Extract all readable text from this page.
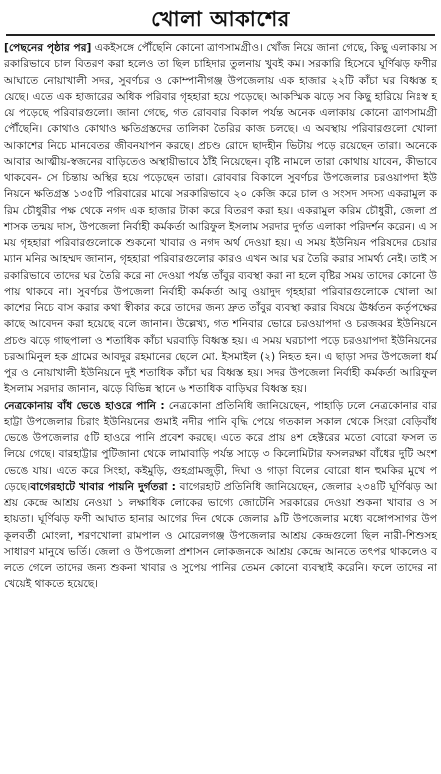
খোলা আকাশের

[পেছনের পৃষ্ঠার পর] একইসঙ্গে পৌঁছেনি কোনো ত্রাণসামগ্রীও। খোঁজ নিয়ে জানা গেছে, কিছু এলাকায় সরকারিভাবে চাল বিতরণ করা হলেও তা ছিল চাহিদার তুলনায় খুবই কম। সরকারি হিসেবে ঘূর্ণিঝড় ফণীর আঘাতে নোয়াখালী সদর, সুবর্ণচর ও কোম্পানীগঞ্জ উপজেলায় এক হাজার ২২টি কাঁচা ঘর বিধ্বস্ত হয়েছে। এতে এক হাজারের অধিক পরিবার গৃহহারা হয়ে পড়েছে। আকস্মিক ঝড়ে সব কিছু হারিয়ে নিঃস্ব হয়ে পড়েছে পরিবারগুলো। জানা গেছে, গত রোববার বিকাল পর্যন্ত অনেক এলাকায় কোনো ত্রাণসামগ্রী পৌঁছেনি। কোথাও কোথাও ক্ষতিগ্রস্তদের তালিকা তৈরির কাজ চলছে। এ অবস্থায় পরিবারগুলো খোলা আকাশের নিচে মানবেতর জীবনযাপন করছে। প্রচণ্ড রোদে ছাদহীন ভিটায় পড়ে রয়েছেন তারা। অনেকে আবার আত্মীয়-স্বজনের বাড়িতেও অস্থায়ীভাবে ঠাঁই নিয়েছেন। বৃষ্টি নামলে তারা কোথায় যাবেন, কীভাবে থাকবেন- সে চিন্তায় অস্থির হয়ে পড়েছেন তারা। রোববার বিকালে সুবর্ণচর উপজেলার চরওয়াপদা ইউনিয়নে ক্ষতিগ্রস্ত ১৩৫টি পরিবারের মাঝে সরকারিভাবে ২০ কেজি করে চাল ও সংসদ সদস্য একরামুল করিম চৌধুরীর পক্ষ থেকে নগদ এক হাজার টাকা করে বিতরণ করা হয়। একরামুল করিম চৌধুরী, জেলা প্রশাসক তন্ময় দাস, উপজেলা নির্বাহী কর্মকর্তা আরিফুল ইসলাম সরদার দুর্গত এলাকা পরিদর্শন করেন। এ সময় গৃহহারা পরিবারগুলোকে শুকনো খাবার ও নগদ অর্থ দেওয়া হয়। এ সময় ইউনিয়ন পরিষদের চেয়ারম্যান মনির আহম্মদ জানান, গৃহহারা পরিবারগুলোর কারও এখন আর ঘর তৈরি করার সামর্থ্য নেই। তাই সরকারিভাবে তাদের ঘর তৈরি করে না দেওয়া পর্যন্ত তাঁবুর ব্যবস্থা করা না হলে বৃষ্টির সময় তাদের কোনো উপায় থাকবে না। সুবর্ণচর উপজেলা নির্বাহী কর্মকর্তা আবু ওয়াদুদ গৃহহারা পরিবারগুলোকে খোলা আকাশের নিচে বাস করার কথা স্বীকার করে তাদের জন্য দ্রুত তাঁবুর ব্যবস্থা করার বিষয়ে ঊর্ধ্বতন কর্তৃপক্ষের কাছে আবেদন করা হয়েছে বলে জানান। উল্লেখ্য, গত শনিবার ভোরে চরওয়াপদা ও চরজব্বর ইউনিয়নে প্রচণ্ড ঝড়ে গাছপালা ও শতাধিক কাঁচা ঘরবাড়ি বিধ্বস্ত হয়। এ সময় ঘরচাপা পড়ে চরওয়াপদা ইউনিয়নের চরআমিনুল হক গ্রামের আবদুর রহমানের ছেলে মো. ইসমাইল (২) নিহত হন। এ ছাড়া সদর উপজেলা ধর্মপুর ও নোয়াখালী ইউনিয়নে দুই শতাধিক কাঁচা ঘর বিধ্বস্ত হয়। সদর উপজেলা নির্বাহী কর্মকর্তা আরিফুল ইসলাম সরদার জানান, ঝড়ে বিভিন্ন স্থানে ৬ শতাধিক বাড়িঘর বিধ্বস্ত হয়।

নেত্রকোনায় বাঁধ ভেঙে হাওরে পানি : নেত্রকোনা প্রতিনিধি জানিয়েছেন, পাহাড়ি ঢলে নেত্রকোনার বারহাট্টা উপজেলার চিরাং ইউনিয়নের গুমাই নদীর পানি বৃদ্ধি পেয়ে গতকাল সকাল থেকে সিংরা বেড়িবাঁধ ভেঙে উপজেলার ৫টি হাওরে পানি প্রবেশ করছে। এতে করে প্রায় ৪শ হেক্টরের মতো বোরো ফসল তলিয়ে গেছে। বারহাট্টার পুটিজানা থেকে লামাবাড়ি পর্যন্ত সাড়ে ৩ কিলোমিটার ফসলরক্ষা বাঁধের দুটি অংশ ভেঙে যায়। এতে করে সিংহা, কইমুড়ি, গুহগ্রামজুড়ী, দিঘা ও গাড়া বিলের বোরো ধান হুমকির মুখে পড়েছে।বাগেরহাটে খাবার পায়নি দুর্গতরা : বাগেরহাট প্রতিনিধি জানিয়েছেন, জেলার ২৩৪টি ঘূর্ণিঝড় আশ্রয় কেন্দ্রে আশ্রয় নেওয়া ১ লক্ষাধিক লোকের ভাগ্যে জোটেনি সরকারের দেওয়া শুকনা খাবার ও সহায়তা। ঘূর্ণিঝড় ফণী আঘাত হানার আগের দিন থেকে জেলার ৯টি উপজেলার মধ্যে বঙ্গোপসাগর উপকূলবর্তী মোংলা, শরণখোলা রামপাল ও মোরেলগঞ্জ উপজেলার আশ্রয় কেন্দ্রগুলো ছিল নারী-শিশুসহ সাধারণ মানুষে ভর্তি। জেলা ও উপজেলা প্রশাসন লোকজনকে আশ্রয় কেন্দ্রে আনতে তৎপর থাকলেও বলতে গেলে তাদের জন্য শুকনা খাবার ও সুপেয় পানির তেমন কোনো ব্যবস্থাই করেনি। ফলে তাদের না খেয়েই থাকতে হয়েছে।
